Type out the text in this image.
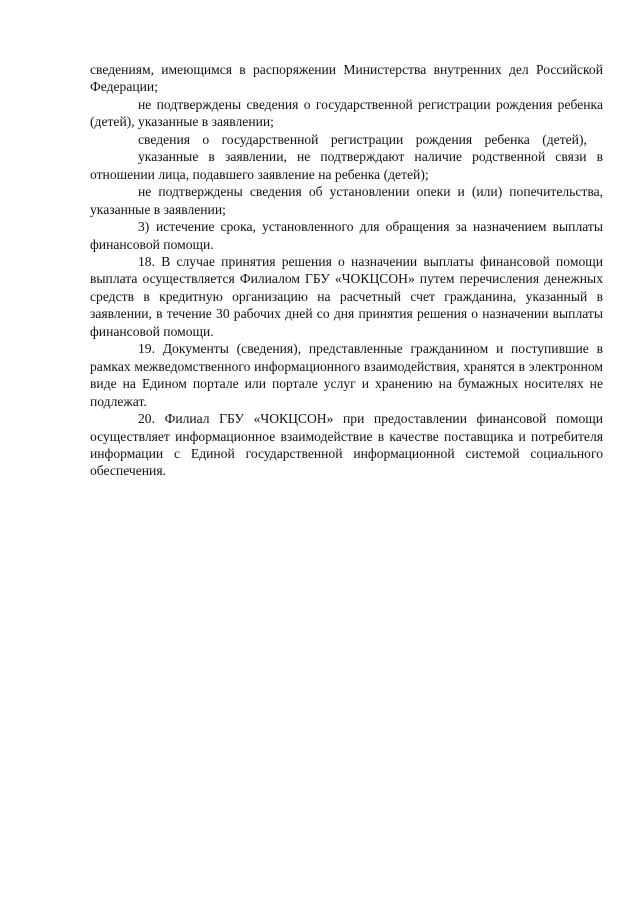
сведениям, имеющимся в распоряжении Министерства внутренних дел Российской Федерации;

не подтверждены сведения о государственной регистрации рождения ребенка (детей), указанные в заявлении;

сведения о государственной регистрации рождения ребенка (детей),

указанные в заявлении, не подтверждают наличие родственной связи в отношении лица, подавшего заявление на ребенка (детей);

не подтверждены сведения об установлении опеки и (или) попечительства, указанные в заявлении;

3) истечение срока, установленного для обращения за назначением выплаты финансовой помощи.

18. В случае принятия решения о назначении выплаты финансовой помощи выплата осуществляется Филиалом ГБУ «ЧОКЦСОН» путем перечисления денежных средств в кредитную организацию на расчетный счет гражданина, указанный в заявлении, в течение 30 рабочих дней со дня принятия решения о назначении выплаты финансовой помощи.

19. Документы (сведения), представленные гражданином и поступившие в рамках межведомственного информационного взаимодействия, хранятся в электронном виде на Едином портале или портале услуг и хранению на бумажных носителях не подлежат.

20. Филиал ГБУ «ЧОКЦСОН» при предоставлении финансовой помощи осуществляет информационное взаимодействие в качестве поставщика и потребителя информации с Единой государственной информационной системой социального обеспечения.
